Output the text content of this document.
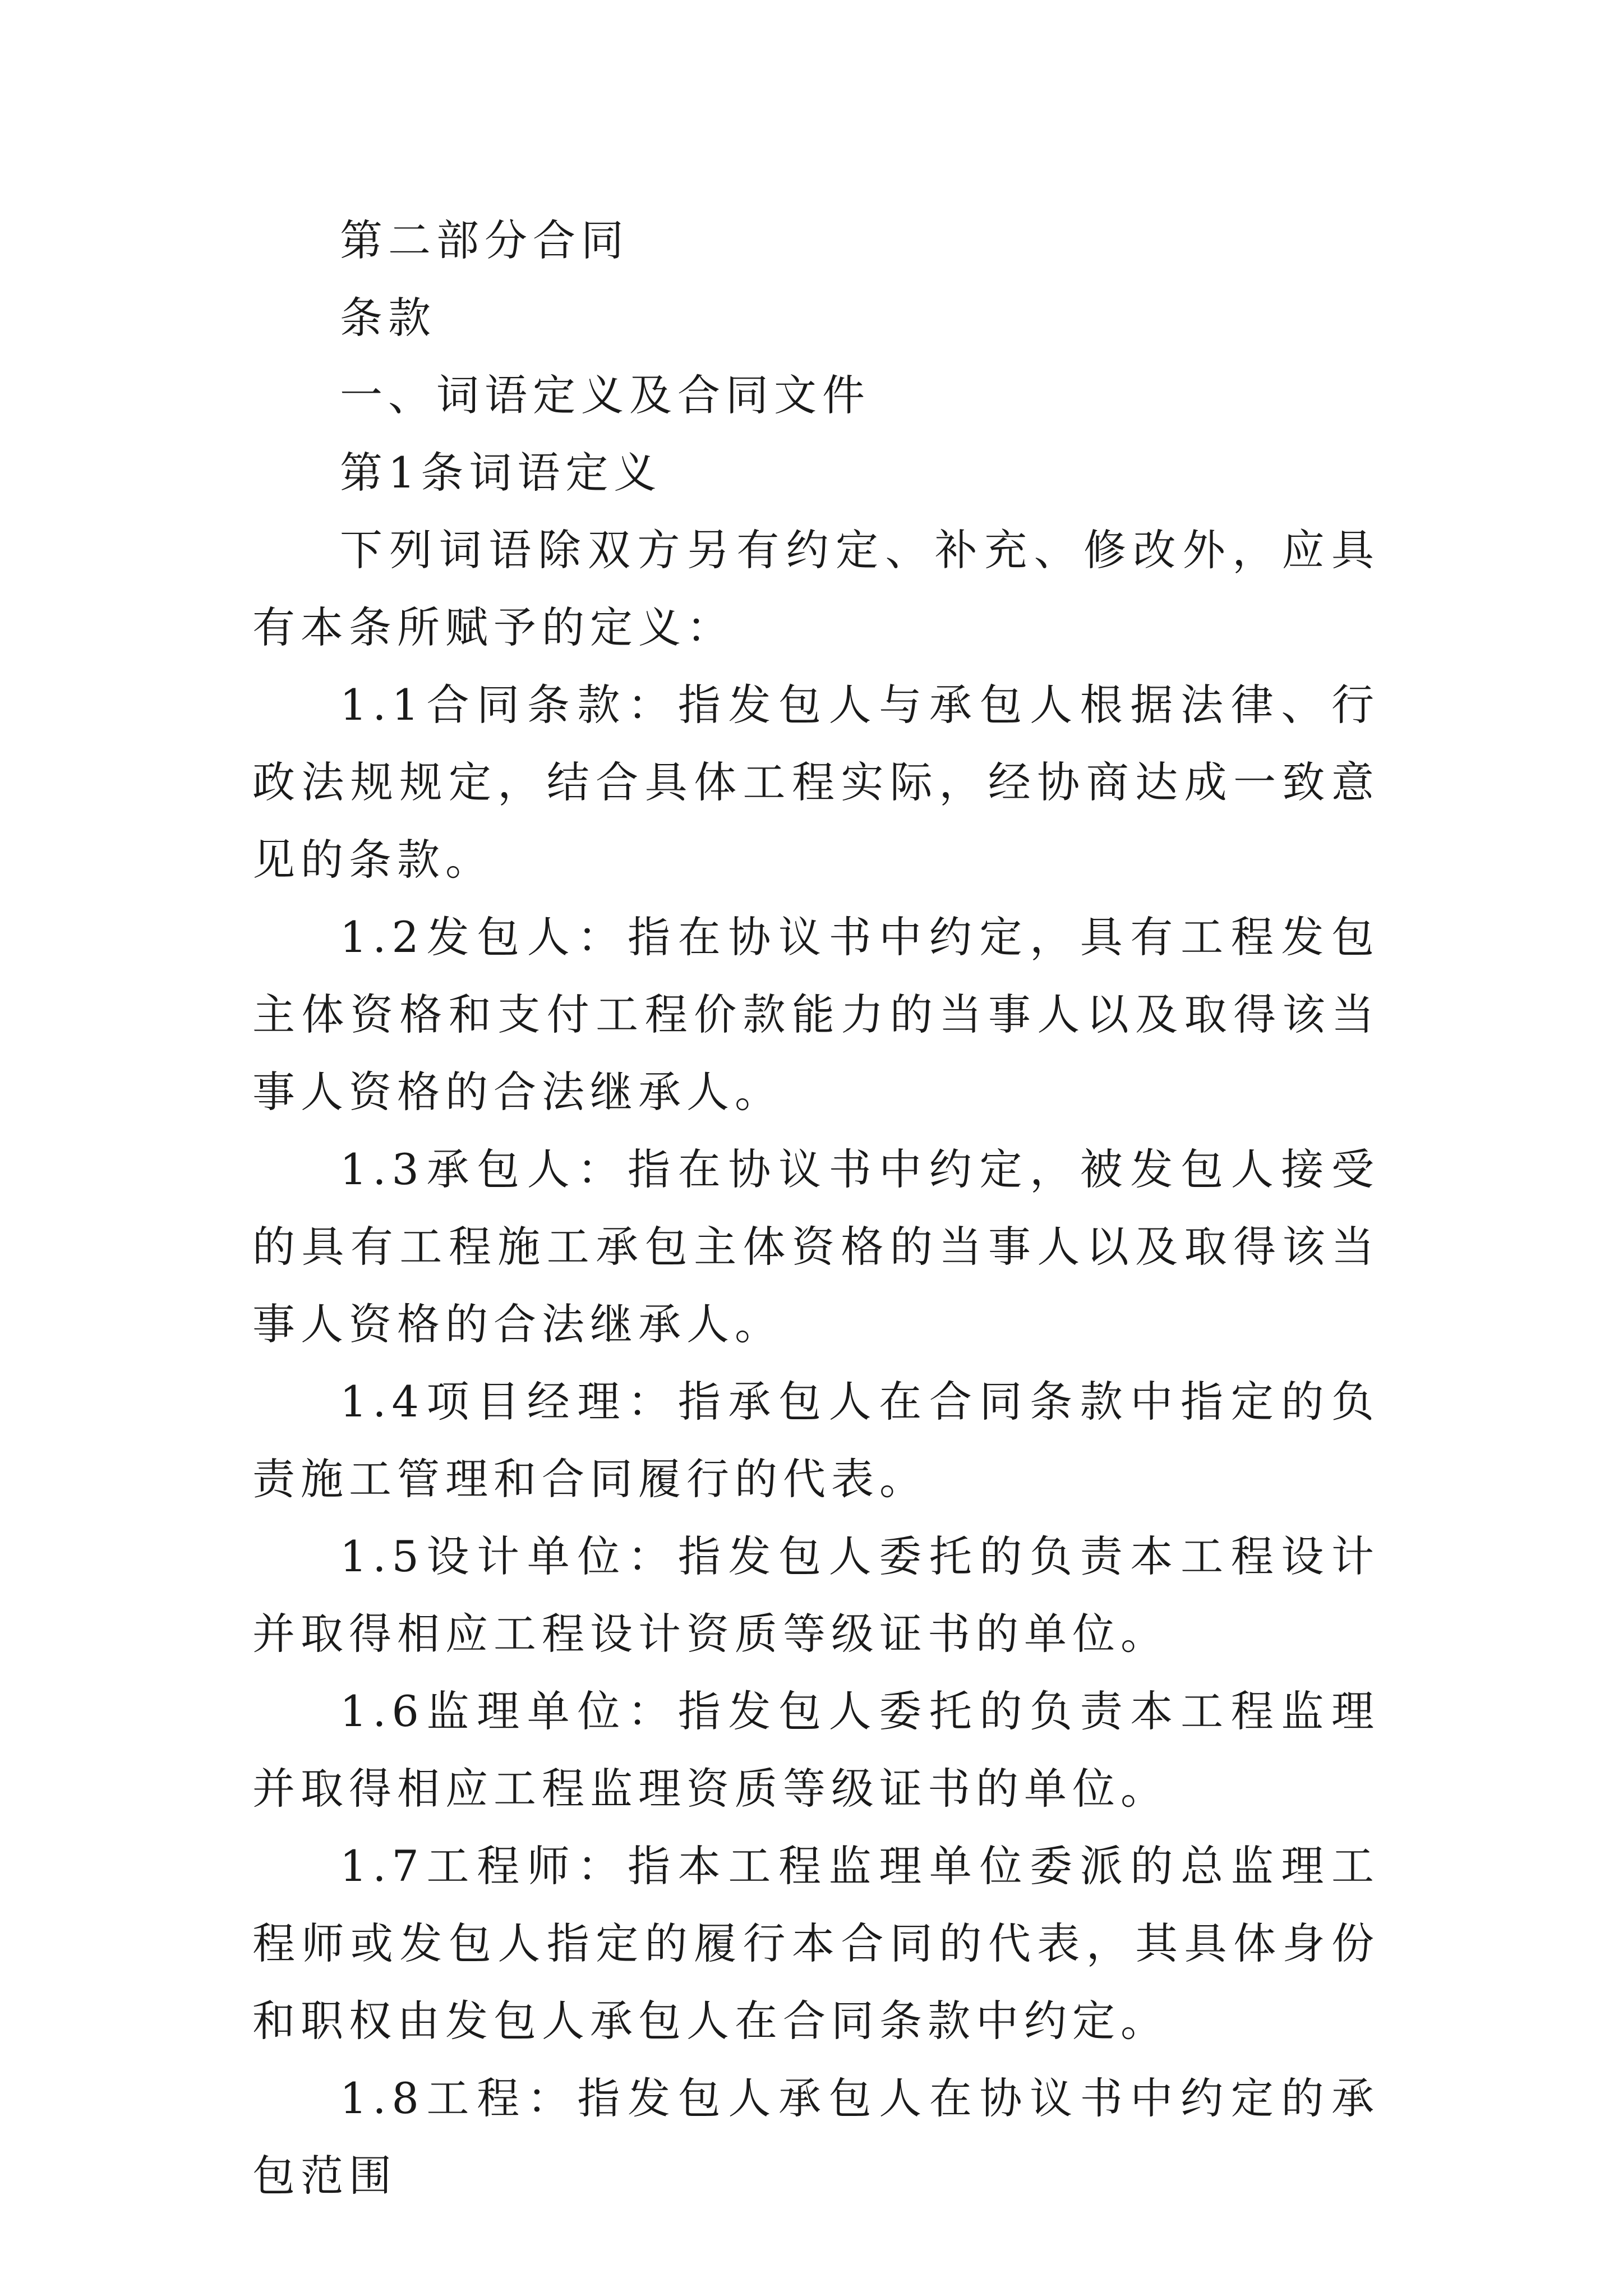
第二部分合同

条款

一、词语定义及合同文件

第1条词语定义

下列词语除双方另有约定、补充、修改外，应具有本条所赋予的定义：

1.1合同条款：指发包人与承包人根据法律、行政法规规定，结合具体工程实际，经协商达成一致意见的条款。

1.2发包人：指在协议书中约定，具有工程发包主体资格和支付工程价款能力的当事人以及取得该当事人资格的合法继承人。

1.3承包人：指在协议书中约定，被发包人接受的具有工程施工承包主体资格的当事人以及取得该当事人资格的合法继承人。

1.4项目经理：指承包人在合同条款中指定的负责施工管理和合同履行的代表。

1.5设计单位：指发包人委托的负责本工程设计并取得相应工程设计资质等级证书的单位。

1.6监理单位：指发包人委托的负责本工程监理并取得相应工程监理资质等级证书的单位。

1.7工程师：指本工程监理单位委派的总监理工程师或发包人指定的履行本合同的代表，其具体身份和职权由发包人承包人在合同条款中约定。

1.8工程：指发包人承包人在协议书中约定的承包范围
